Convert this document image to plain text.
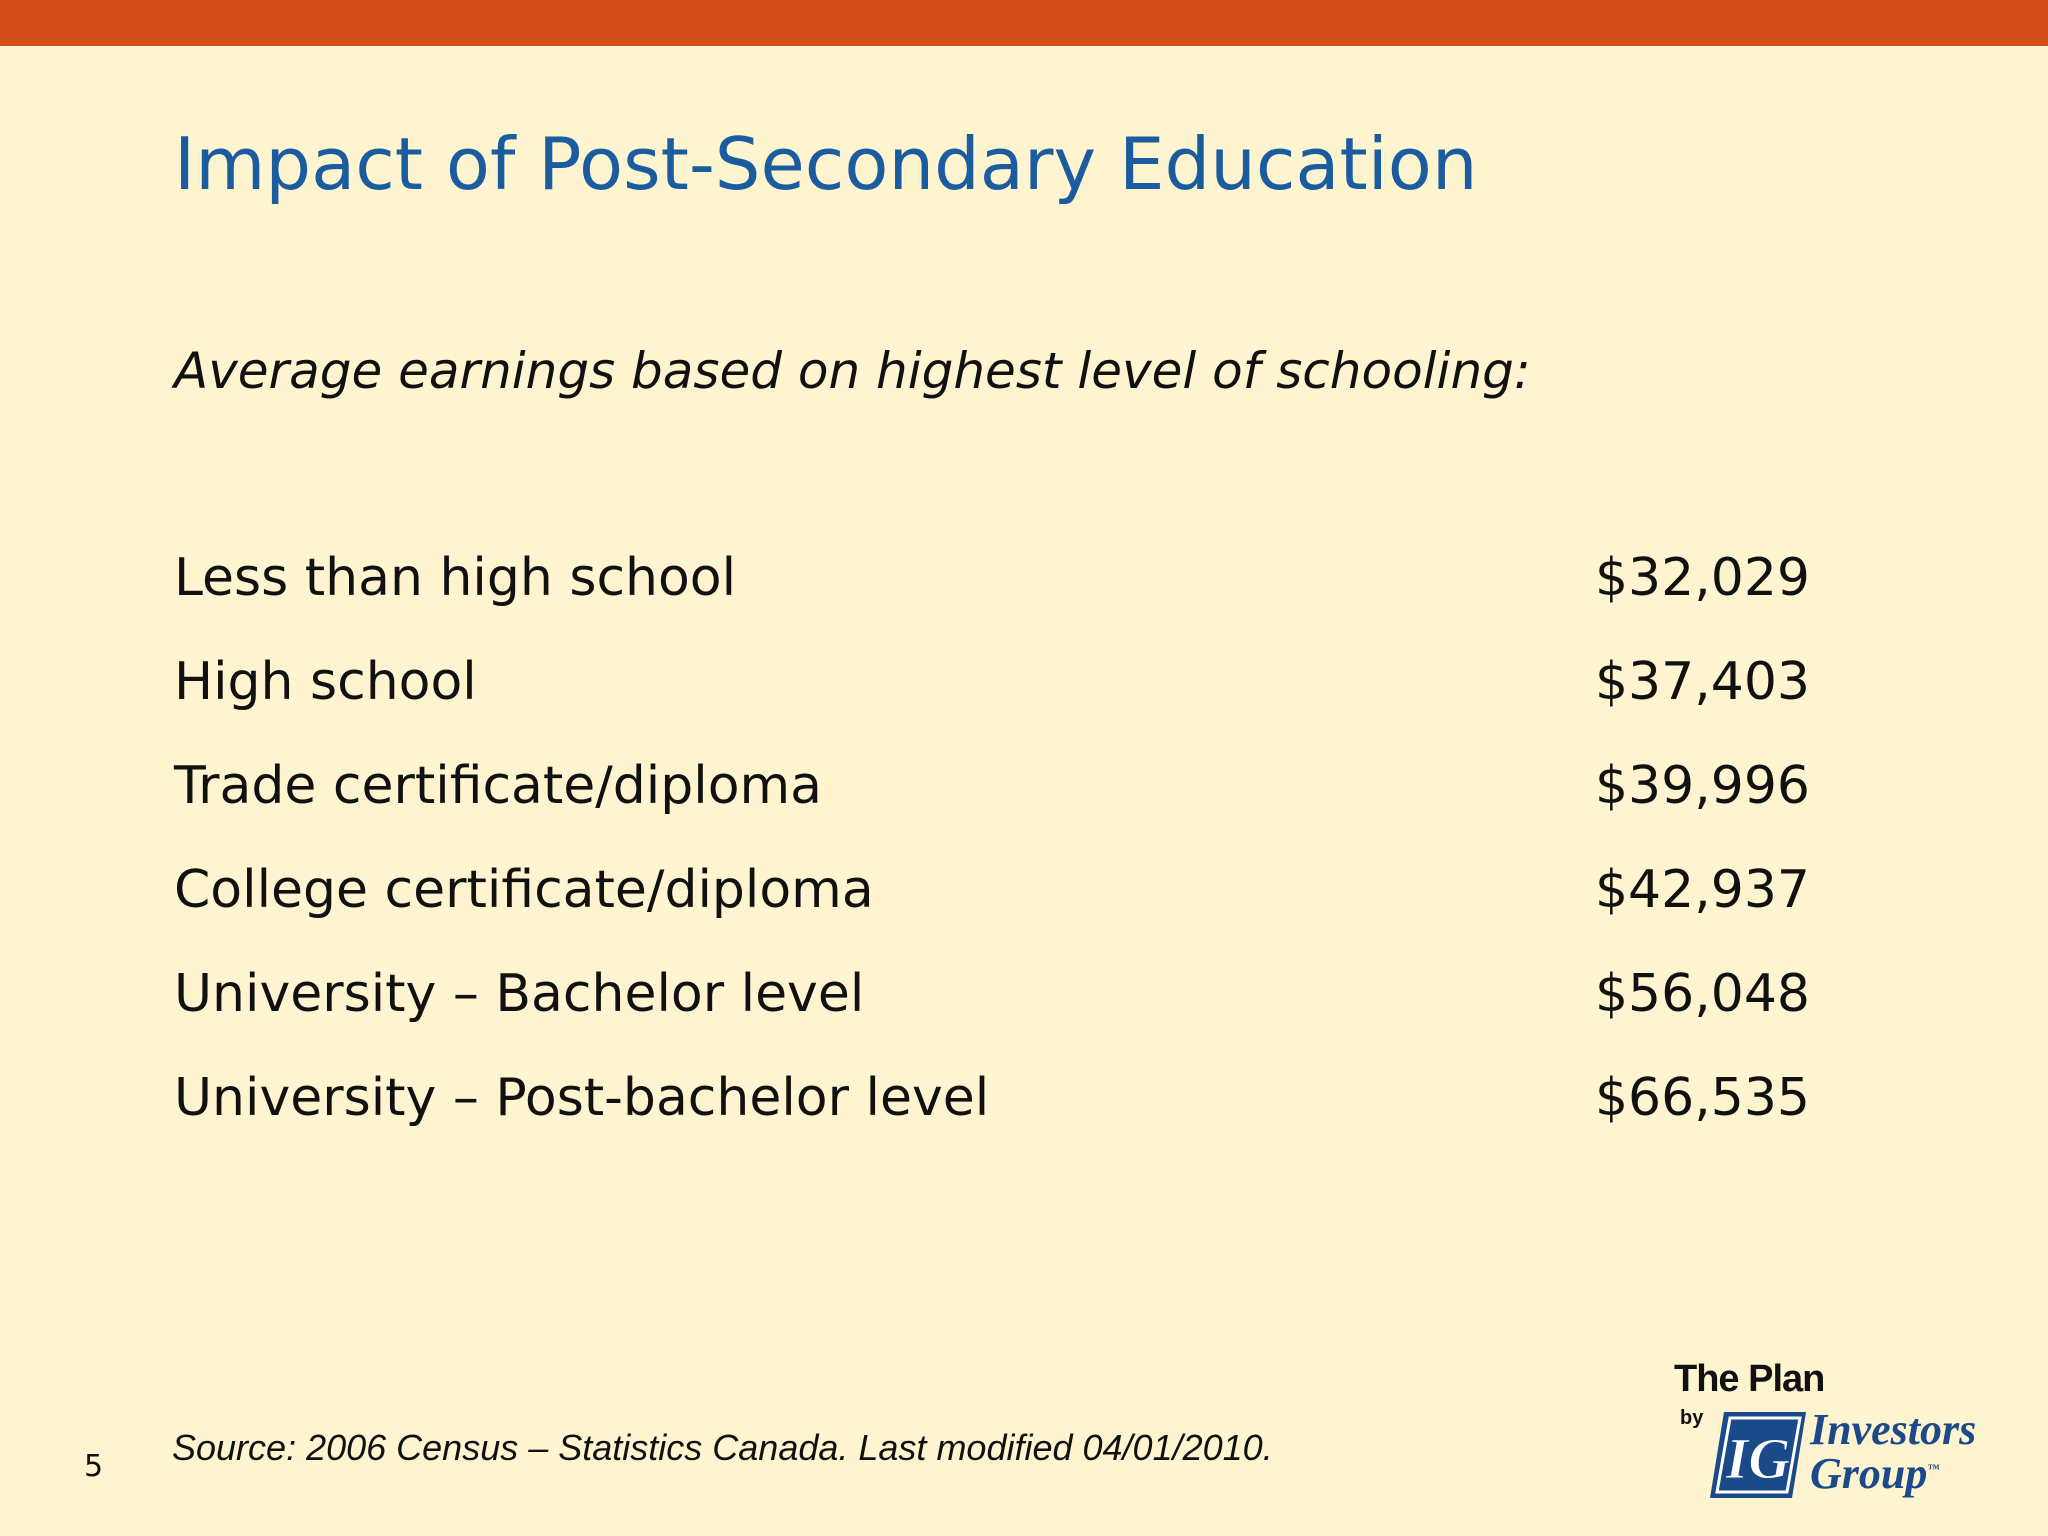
Impact of Post-Secondary Education
Average earnings based on highest level of schooling:
Less than high school	$32,029
High school	$37,403
Trade certificate/diploma	$39,996
College certificate/diploma	$42,937
University – Bachelor level	$56,048
University – Post-bachelor level	$66,535
5 Source: 2006 Census – Statistics Canada. Last modified 04/01/2010.
The Plan
by
IG Investors
Group™
